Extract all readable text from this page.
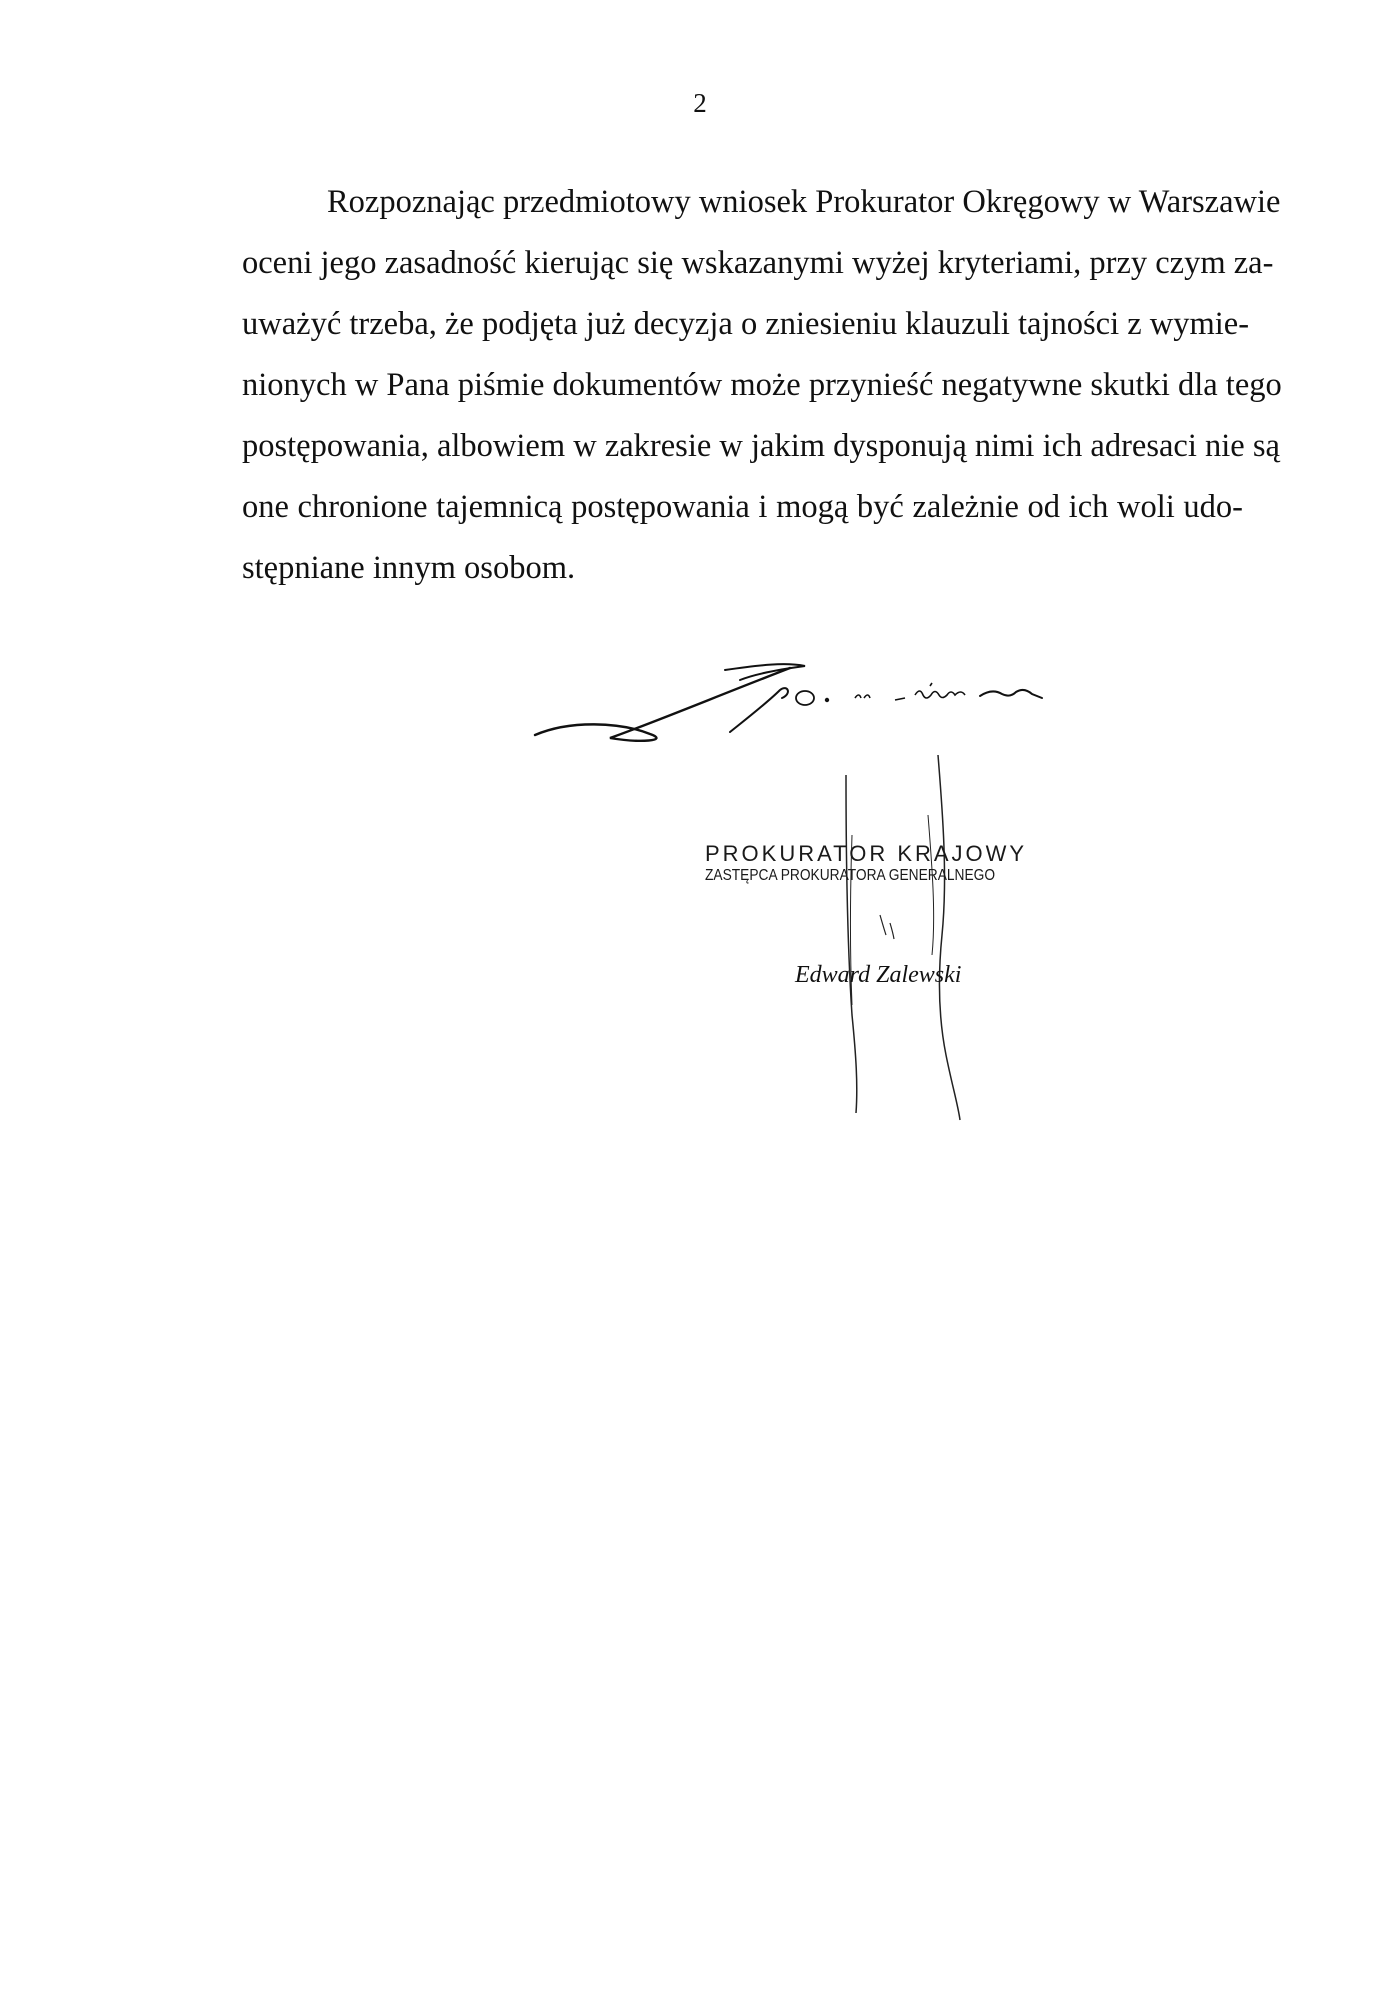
2
Rozpoznając przedmiotowy wniosek Prokurator Okręgowy w Warszawie
oceni jego zasadność kierując się wskazanymi wyżej kryteriami, przy czym za-
uważyć trzeba, że podjęta już decyzja o zniesieniu klauzuli tajności z wymie-
nionych w Pana piśmie dokumentów może przynieść negatywne skutki dla tego
postępowania, albowiem w zakresie w jakim dysponują nimi ich adresaci nie są
one chronione tajemnicą postępowania i mogą być zależnie od ich woli udo-
stępniane innym osobom.
PROKURATOR KRAJOWY
ZASTĘPCA PROKURATORA GENERALNEGO
Edward Zalewski
